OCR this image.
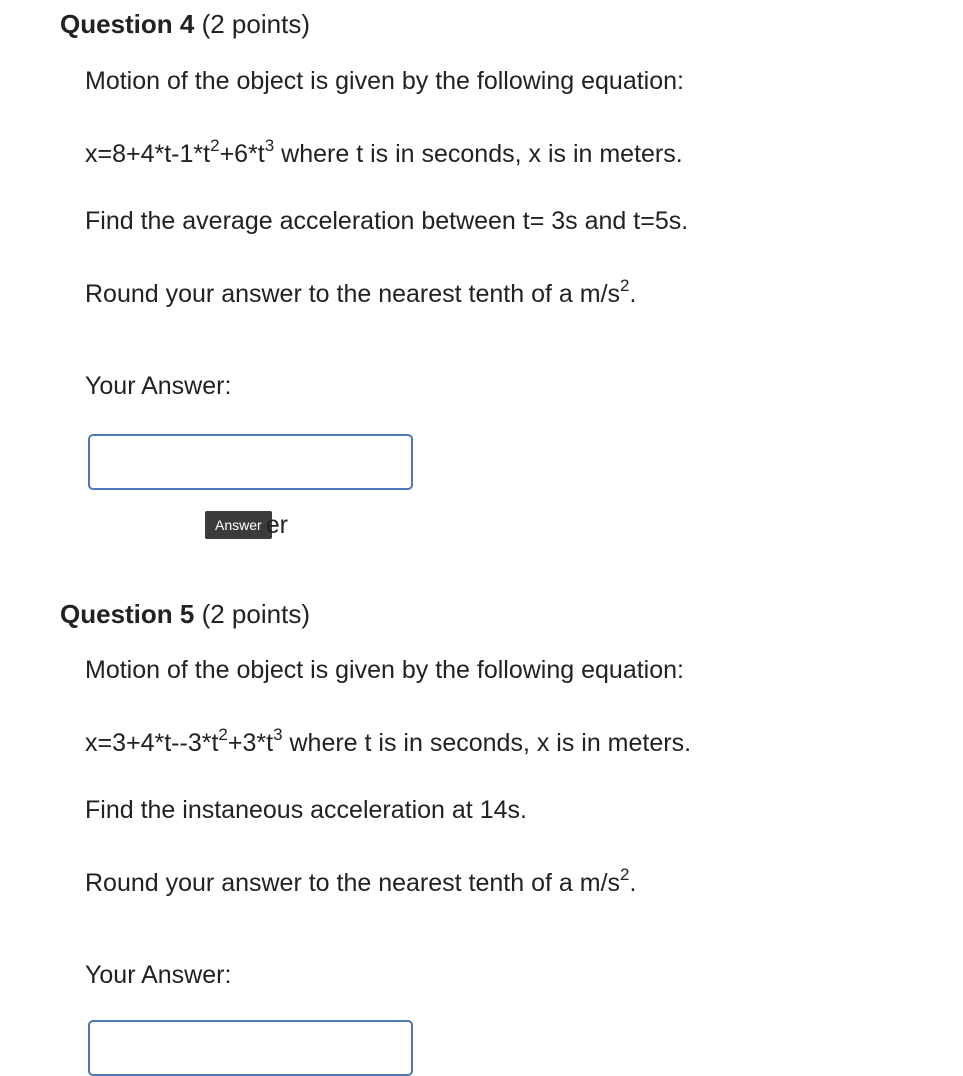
Question 4 (2 points)
Motion of the object is given by the following equation:
$x=8+4*t-1*t^2+6*t^3$ where t is in seconds, x is in meters.
Find the average acceleration between t= 3s and t=5s.
Round your answer to the nearest tenth of a $m/s^2$.
Your Answer:
Answer er
Question 5 (2 points)
Motion of the object is given by the following equation:
$x=3+4*t--3*t^2+3*t^3$ where t is in seconds, x is in meters.
Find the instaneous acceleration at 14s.
Round your answer to the nearest tenth of a $m/s^2$.
Your Answer:
